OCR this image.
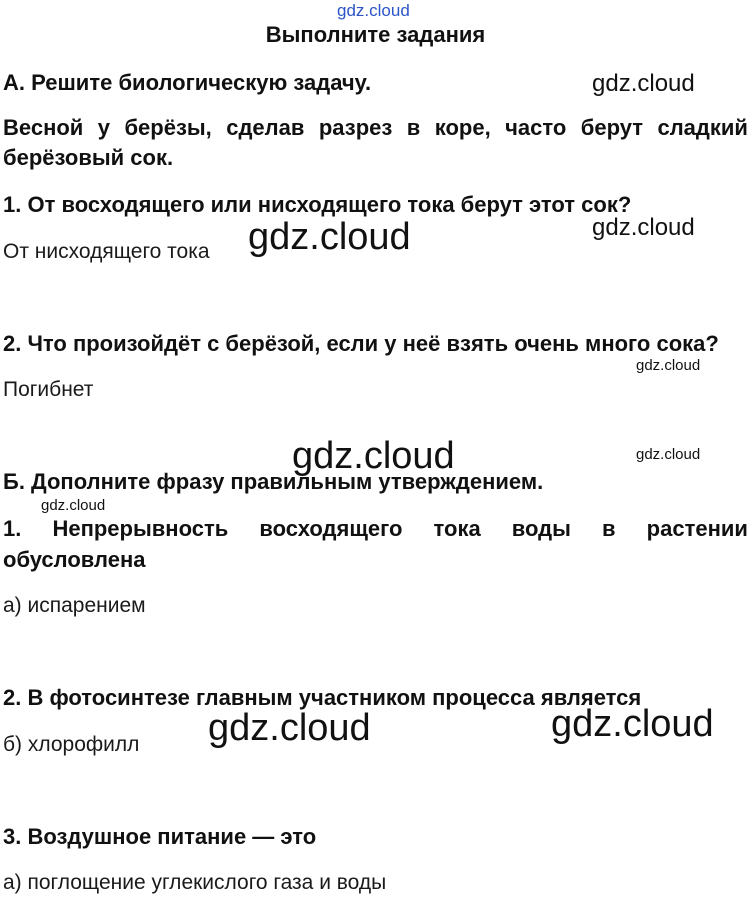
gdz.cloud
Выполните задания
А. Решите биологическую задачу.
Весной у берёзы, сделав разрез в коре, часто берут сладкий
берёзовый сок.
1. От восходящего или нисходящего тока берут этот сок?
От нисходящего тока
2. Что произойдёт с берёзой, если у неё взять очень много сока?
Погибнет
Б. Дополните фразу правильным утверждением.
1. Непрерывность восходящего тока воды в растении
обусловлена
а) испарением
2. В фотосинтезе главным участником процесса является
б) хлорофилл
3. Воздушное питание — это
а) поглощение углекислого газа и воды
gdz.cloud
gdz.cloud
gdz.cloud
gdz.cloud
gdz.cloud	gdz.cloud
gdz.cloud
gdz.cloud
gdz.cloud
